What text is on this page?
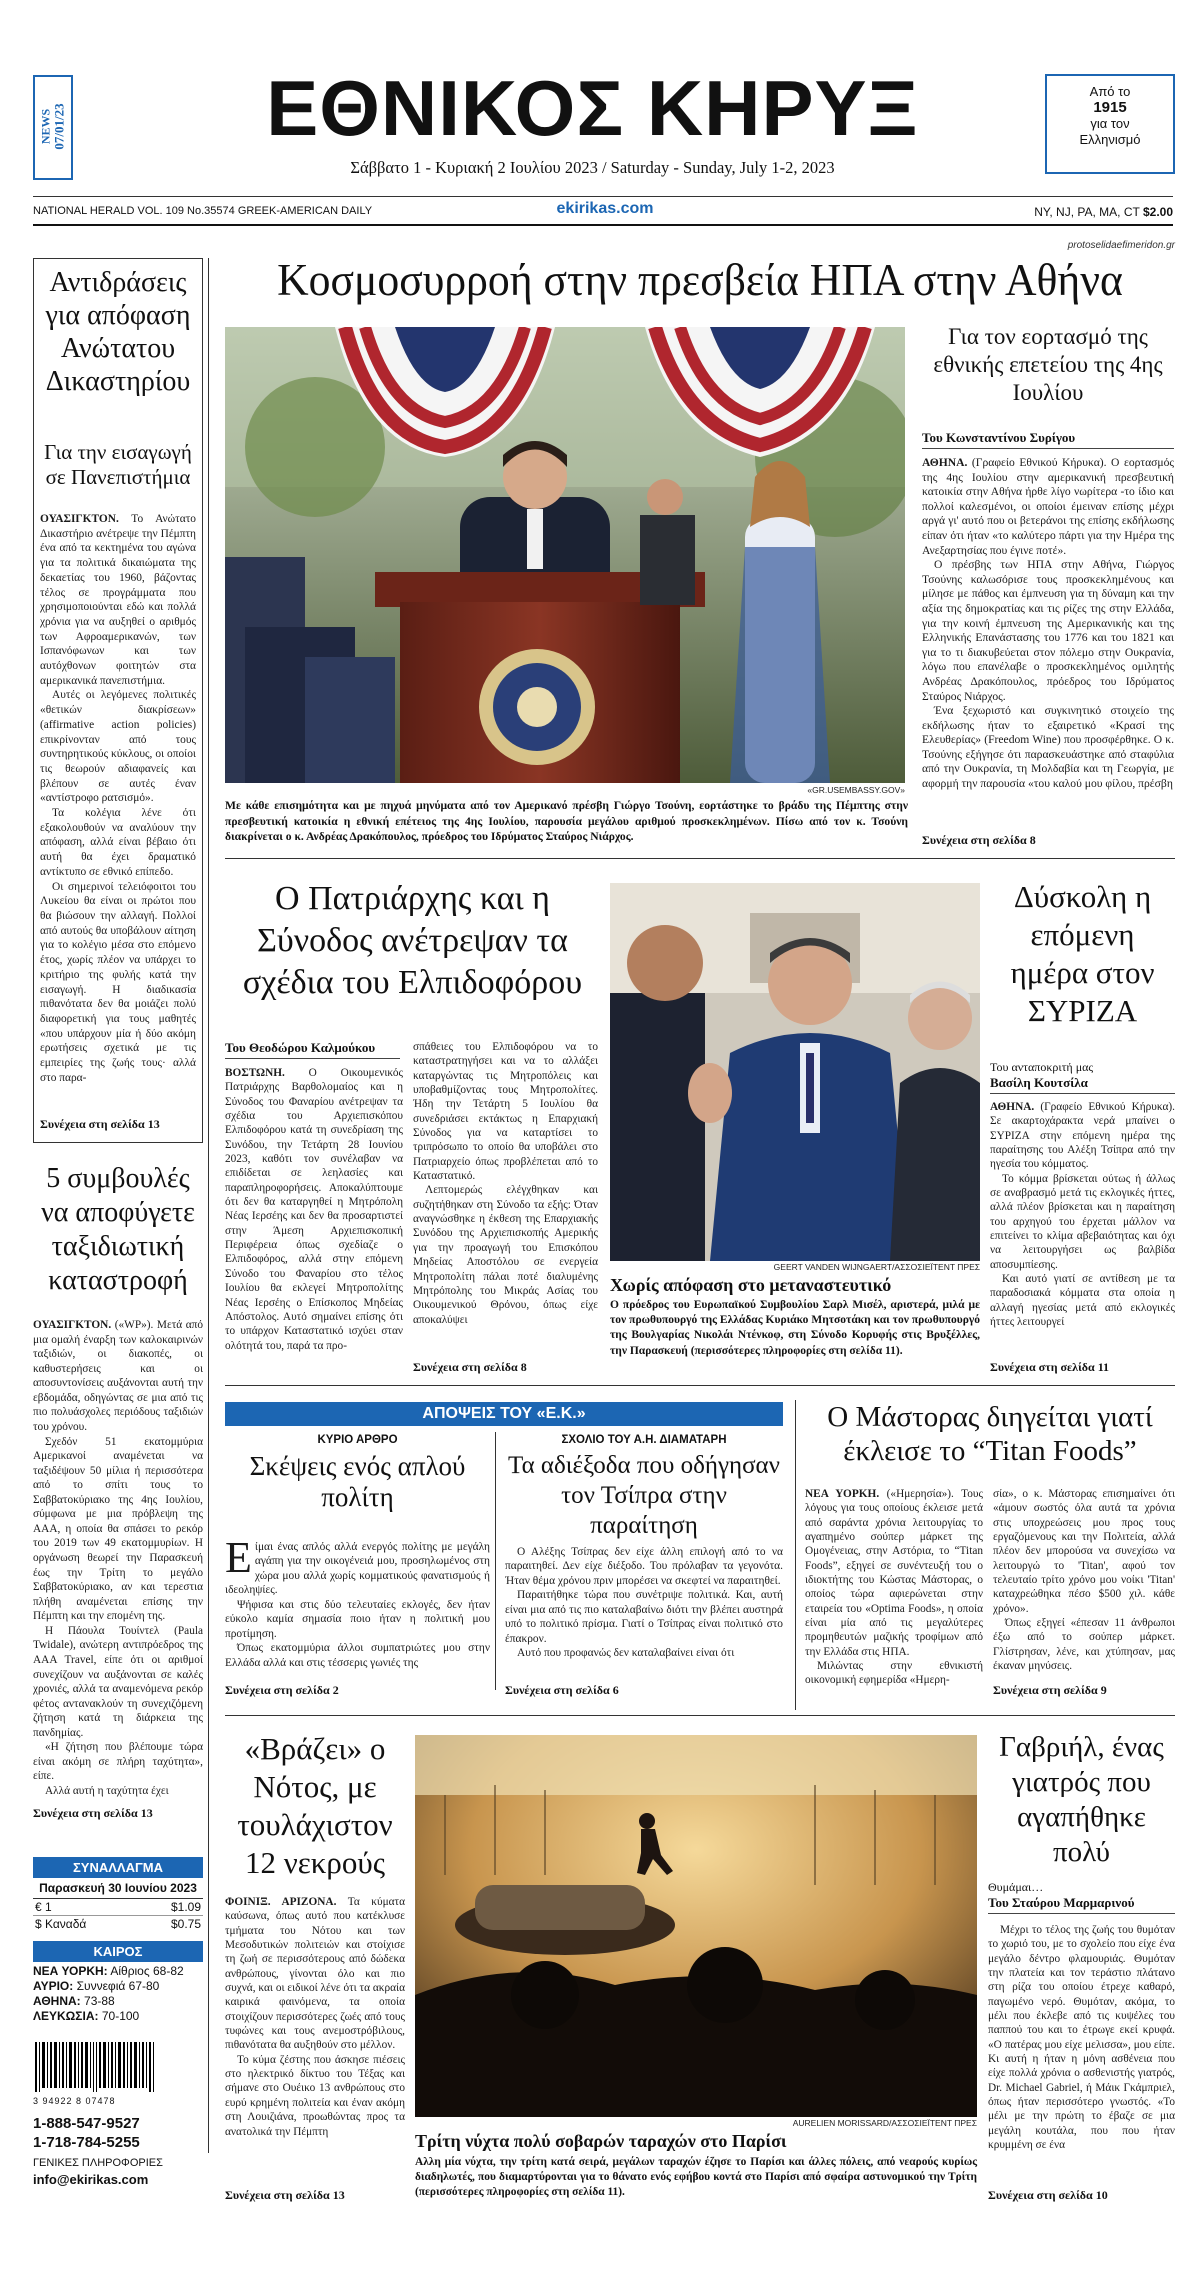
NEWS
07/01/23	ΕΘΝΙΚΟΣ ΚΗΡΥΞ
Σάββατο 1 - Κυριακή 2 Ιουλίου 2023 / Saturday - Sunday, July 1-2, 2023
Από το
1915
για τον
Ελληνισμό
NATIONAL HERALD VOL. 109 No.35574 GREEK-AMERICAN DAILY	ekirikas.com	NY, NJ, PA, MA, CT $2.00
protoselidaefimeridon.gr
Αντιδράσεις για απόφαση Ανώτατου Δικαστηρίου
Για την εισαγωγή σε Πανεπιστήμια

ΟΥΑΣΙΓΚΤΟΝ. Το Ανώτατο Δικαστήριο ανέτρεψε την Πέμπτη ένα από τα κεκτημένα του αγώνα για τα πολιτικά δικαιώματα της δεκαετίας του 1960, βάζοντας τέλος σε προγράμματα που χρησιμοποιούνται εδώ και πολλά χρόνια για να αυξηθεί ο αριθμός των Αφροαμερικανών, των Ισπανόφωνων και των αυτόχθονων φοιτητών στα αμερικανικά πανεπιστήμια.

Αυτές οι λεγόμενες πολιτικές «θετικών διακρίσεων» (affirmative action policies) επικρίνονταν από τους συντηρητικούς κύκλους, οι οποίοι τις θεωρούν αδιαφανείς και βλέπουν σε αυτές έναν «αντίστροφο ρατσισμό».

Τα κολέγια λένε ότι εξακολουθούν να αναλύουν την απόφαση, αλλά είναι βέβαιο ότι αυτή θα έχει δραματικό αντίκτυπο σε εθνικό επίπεδο.

Οι σημερινοί τελειόφοιτοι του Λυκείου θα είναι οι πρώτοι που θα βιώσουν την αλλαγή. Πολλοί από αυτούς θα υποβάλουν αίτηση για το κολέγιο μέσα στο επόμενο έτος, χωρίς πλέον να υπάρχει το κριτήριο της φυλής κατά την εισαγωγή. Η διαδικασία πιθανότατα δεν θα μοιάζει πολύ διαφορετική για τους μαθητές «που υπάρχουν μία ή δύο ακόμη ερωτήσεις σχετικά με τις εμπειρίες της ζωής τους· αλλά στο παρα-

Συνέχεια στη σελίδα 13
5 συμβουλές να αποφύγετε ταξιδιωτική καταστροφή

ΟΥΑΣΙΓΚΤΟΝ. («WP»). Μετά από μια ομαλή έναρξη των καλοκαιρινών ταξιδιών, οι διακοπές, οι καθυστερήσεις και οι αποσυντονίσεις αυξάνονται αυτή την εβδομάδα, οδηγώντας σε μια από τις πιο πολυάσχολες περιόδους ταξιδιών του χρόνου.

Σχεδόν 51 εκατομμύρια Αμερικανοί αναμένεται να ταξιδέψουν 50 μίλια ή περισσότερα από το σπίτι τους το Σαββατοκύριακο της 4ης Ιουλίου, σύμφωνα με μια πρόβλεψη της AAA, η οποία θα σπάσει το ρεκόρ του 2019 των 49 εκατομμυρίων. Η οργάνωση θεωρεί την Παρασκευή έως την Τρίτη το μεγάλο Σαββατοκύριακο, αν και τερεστια πλήθη αναμένεται επίσης την Πέμπτη και την επομένη της.

Η Πάουλα Τουίντελ (Paula Twidale), ανώτερη αντιπρόεδρος της AAA Travel, είπε ότι οι αριθμοί συνεχίζουν να αυξάνονται σε καλές χρονιές, αλλά τα αναμενόμενα ρεκόρ φέτος αντανακλούν τη συνεχιζόμενη ζήτηση κατά τη διάρκεια της πανδημίας.

«Η ζήτηση που βλέπουμε τώρα είναι ακόμη σε πλήρη ταχύτητα», είπε.

Αλλά αυτή η ταχύτητα έχει

Συνέχεια στη σελίδα 13
ΣΥΝΑΛΛΑΓΜΑ
Παρασκευή 30 Ιουνίου 2023
€ 1	$1.09
$ Καναδά	$0.75
ΚΑΙΡΟΣ
ΝΕΑ ΥΟΡΚΗ: Αίθριος 68-82
ΑΥΡΙΟ: Συννεφιά 67-80
ΑΘΗΝΑ: 73-88
ΛΕΥΚΩΣΙΑ: 70-100
3 94922 8 07478
1-888-547-9527
1-718-784-5255
ΓΕΝΙΚΕΣ ΠΛΗΡΟΦΟΡΙΕΣ
info@ekirikas.com
Κοσμοσυρροή στην πρεσβεία ΗΠΑ στην Αθήνα
«GR.USEMBASSY.GOV»
Με κάθε επισημότητα και με πηχυά μηνύματα από τον Αμερικανό πρέσβη Γιώργο Τσούνη, εορτάστηκε το βράδυ της Πέμπτης στην πρεσβευτική κατοικία η εθνική επέτειος της 4ης Ιουλίου, παρουσία μεγάλου αριθμού προσκεκλημένων. Πίσω από τον κ. Τσούνη διακρίνεται ο κ. Ανδρέας Δρακόπουλος, πρόεδρος του Ιδρύματος Σταύρος Νιάρχος.
Για τον εορτασμό της εθνικής επετείου της 4ης Ιουλίου
Του Κωνσταντίνου Συρίγου

ΑΘΗΝΑ. (Γραφείο Εθνικού Κήρυκα). Ο εορτασμός της 4ης Ιουλίου στην αμερικανική πρεσβευτική κατοικία στην Αθήνα ήρθε λίγο νωρίτερα -το ίδιο και πολλοί καλεσμένοι, οι οποίοι έμειναν επίσης μέχρι αργά γι' αυτό που οι βετεράνοι της επίσης εκδήλωσης είπαν ότι ήταν «το καλύτερο πάρτι για την Ημέρα της Ανεξαρτησίας που έγινε ποτέ».

Ο πρέσβης των ΗΠΑ στην Αθήνα, Γιώργος Τσούνης καλωσόρισε τους προσκεκλημένους και μίλησε με πάθος και έμπνευση για τη δύναμη και την αξία της δημοκρατίας και τις ρίζες της στην Ελλάδα, για την κοινή έμπνευση της Αμερικανικής και της Ελληνικής Επανάστασης του 1776 και του 1821 και για το τι διακυβεύεται στον πόλεμο στην Ουκρανία, λόγω που επανέλαβε ο προσκεκλημένος ομιλητής Ανδρέας Δρακόπουλος, πρόεδρος του Ιδρύματος Σταύρος Νιάρχος.

Ένα ξεχωριστό και συγκινητικό στοιχείο της εκδήλωσης ήταν το εξαιρετικό «Κρασί της Ελευθερίας» (Freedom Wine) που προσφέρθηκε. Ο κ. Τσούνης εξήγησε ότι παρασκευάστηκε από σταφύλια από την Ουκρανία, τη Μολδαβία και τη Γεωργία, με αφορμή την παρουσία «του καλού μου φίλου, πρέσβη

Συνέχεια στη σελίδα 8
Ο Πατριάρχης και η Σύνοδος ανέτρεψαν τα σχέδια του Ελπιδοφόρου
Του Θεοδώρου Καλμούκου

ΒΟΣΤΩΝΗ. Ο Οικουμενικός Πατριάρχης Βαρθολομαίος και η Σύνοδος του Φαναρίου ανέτρεψαν τα σχέδια του Αρχιεπισκόπου Ελπιδοφόρου κατά τη συνεδρίαση της Συνόδου, την Τετάρτη 28 Ιουνίου 2023, καθότι τον συνέλαβαν να επιδίδεται σε λεηλασίες και παραπληροφορήσεις. Αποκαλύπτουμε ότι δεν θα καταργηθεί η Μητρόπολη Νέας Ιερσέης και δεν θα προσαρτιστεί στην Άμεση Αρχιεπισκοπική Περιφέρεια όπως σχεδίαζε ο Ελπιδοφόρος, αλλά στην επόμενη Σύνοδο του Φαναρίου στο τέλος Ιουλίου θα εκλεγεί Μητροπολίτης Νέας Ιερσέης ο Επίσκοπος Μηδείας Απόστολος. Αυτό σημαίνει επίσης ότι το υπάρχον Καταστατικό ισχύει σταν ολότητά του, παρά τα προ-

σπάθειες του Ελπιδοφόρου να το καταστρατηγήσει και να το αλλάξει καταργώντας τις Μητροπόλεις και υποβαθμίζοντας τους Μητροπολίτες. Ήδη την Τετάρτη 5 Ιουλίου θα συνεδριάσει εκτάκτως η Επαρχιακή Σύνοδος για να καταρτίσει το τριπρόσωπο το οποίο θα υποβάλει στο Πατριαρχείο όπως προβλέπεται από το Καταστατικό.

Λεπτομερώς ελέγχθηκαν και συζητήθηκαν στη Σύνοδο τα εξής: Όταν αναγνώσθηκε η έκθεση της Επαρχιακής Συνόδου της Αρχιεπισκοπής Αμερικής για την προαγωγή του Επισκόπου Μηδείας Αποστόλου σε ενεργεία Μητροπολίτη πάλαι ποτέ διαλυμένης Μητρόπολης του Μικράς Ασίας του Οικουμενικού Θρόνου, όπως είχε αποκαλύψει

Συνέχεια στη σελίδα 8
GEERT VANDEN WIJNGAERT/ΑΣΣΟΣΙΕΪΤΕΝΤ ΠΡΕΣ
Χωρίς απόφαση στο μεταναστευτικό
Ο πρόεδρος του Ευρωπαϊκού Συμβουλίου Σαρλ Μισέλ, αριστερά, μιλά με τον πρωθυπουργό της Ελλάδας Κυριάκο Μητσοτάκη και τον πρωθυπουργό της Βουλγαρίας Νικολάι Ντένκοφ, στη Σύνοδο Κορυφής στις Βρυξέλλες, την Παρασκευή (περισσότερες πληροφορίες στη σελίδα 11).
Δύσκολη η επόμενη ημέρα στον ΣΥΡΙΖΑ
Του ανταποκριτή μας
Βασίλη Κουτσίλα

ΑΘΗΝΑ. (Γραφείο Εθνικού Κήρυκα). Σε ακαρτοχάρακτα νερά μπαίνει ο ΣΥΡΙΖΑ στην επόμενη ημέρα της παραίτησης του Αλέξη Τσίπρα από την ηγεσία του κόμματος.

Το κόμμα βρίσκεται ούτως ή άλλως σε αναβρασμό μετά τις εκλογικές ήττες, αλλά πλέον βρίσκεται και η παραίτηση του αρχηγού του έρχεται μάλλον να επιτείνει το κλίμα αβεβαιότητας και όχι να λειτουργήσει ως βαλβίδα αποσυμπίεσης.

Και αυτό γιατί σε αντίθεση με τα παραδοσιακά κόμματα στα οποία η αλλαγή ηγεσίας μετά από εκλογικές ήττες λειτουργεί

Συνέχεια στη σελίδα 11
ΑΠΟΨΕΙΣ ΤΟΥ «Ε.Κ.»
ΚΥΡΙΟ ΑΡΘΡΟ
Σκέψεις ενός απλού πολίτη

Είμαι ένας απλός αλλά ενεργός πολίτης με μεγάλη αγάπη για την οικογένειά μου, προσηλωμένος στη χώρα μου αλλά χωρίς κομματικούς φανατισμούς ή ιδεοληψίες.

Ψήφισα και στις δύο τελευταίες εκλογές, δεν ήταν εύκολο καμία σημασία ποιο ήταν η πολιτική μου προτίμηση.

Όπως εκατομμύρια άλλοι συμπατριώτες μου στην Ελλάδα αλλά και στις τέσσερις γωνιές της

Συνέχεια στη σελίδα 2
ΣΧΟΛΙΟ ΤΟΥ Α.Η. ΔΙΑΜΑΤΑΡΗ
Τα αδιέξοδα που οδήγησαν τον Τσίπρα στην παραίτηση

Ο Αλέξης Τσίπρας δεν είχε άλλη επιλογή από το να παραιτηθεί. Δεν είχε διέξοδο. Του πρόλαβαν τα γεγονότα. Ήταν θέμα χρόνου πριν μπορέσει να σκεφτεί να παραιτηθεί.

Παραιτήθηκε τώρα που συνέτριψε πολιτικά. Και, αυτή είναι μια από τις πιο καταλαβαίνω διότι την βλέπει αυστηρά υπό το πολιτικό πρίσμα. Γιατί ο Τσίπρας είναι πολιτικό στο έπακρον.

Αυτό που προφανώς δεν καταλαβαίνει είναι ότι

Συνέχεια στη σελίδα 6
Ο Μάστορας διηγείται γιατί έκλεισε το “Titan Foods”

ΝΕΑ ΥΟΡΚΗ. («Ημερησία»). Τους λόγους για τους οποίους έκλεισε μετά από σαράντα χρόνια λειτουργίας το αγαπημένο σούπερ μάρκετ της Ομογένειας, στην Αστόρια, το “Titan Foods”, εξηγεί σε συνέντευξή του ο ιδιοκτήτης του Κώστας Μάστορας, ο οποίος τώρα αφιερώνεται στην εταιρεία του «Optima Foods», η οποία είναι μία από τις μεγαλύτερες προμηθευτών μαζικής τροφίμων από την Ελλάδα στις ΗΠΑ.

Μιλώντας στην εθνικιστή οικονομική εφημερίδα «Ημερη-

σία», ο κ. Μάστορας επισημαίνει ότι «άμουν σωστός όλα αυτά τα χρόνια στις υποχρεώσεις μου προς τους εργαζόμενους και την Πολιτεία, αλλά πλέον δεν μπορούσα να συνεχίσω να λειτουργώ το 'Titan', αφού τον τελευταίο τρίτο χρόνο μου νοίκι 'Titan' καταχρεώθηκα πέσο $500 χιλ. κάθε χρόνο».

Όπως εξηγεί «έπεσαν 11 άνθρωποι έξω από το σούπερ μάρκετ. Γλίστρησαν, λένε, και χτύπησαν, μας έκαναν μηνύσεις.

Συνέχεια στη σελίδα 9
«Βράζει» ο Νότος, με τουλάχιστον 12 νεκρούς

ΦΟΙΝΙΞ. ΑΡΙΖΟΝΑ. Τα κύματα καύσωνα, όπως αυτό που κατέκλυσε τμήματα του Νότου και των Μεσοδυτικών πολιτειών και στοίχισε τη ζωή σε περισσότερους από δώδεκα ανθρώπους, γίνονται όλο και πιο συχνά, και οι ειδικοί λένε ότι τα ακραία καιρικά φαινόμενα, τα οποία στοιχίζουν περισσότερες ζωές από τους τυφώνες και τους ανεμοστρόβιλους, πιθανότατα θα αυξηθούν στο μέλλον.

Το κύμα ζέστης που άσκησε πιέσεις στο ηλεκτρικό δίκτυο του Τέξας και σήμανε στο Ουέικο 13 ανθρώπους στο ευρύ κρημένη πολιτεία και έναν ακόμη στη Λουιζιάνα, προωθώντας προς τα ανατολικά την Πέμπτη

Συνέχεια στη σελίδα 13
AURELIEN MORISSARD/ΑΣΣΟΣΙΕΪΤΕΝΤ ΠΡΕΣ
Τρίτη νύχτα πολύ σοβαρών ταραχών στο Παρίσι
Αλλη μία νύχτα, την τρίτη κατά σειρά, μεγάλων ταραχών έζησε το Παρίσι και άλλες πόλεις, από νεαρούς κυρίως διαδηλωτές, που διαμαρτύρονται για το θάνατο ενός εφήβου κοντά στο Παρίσι από σφαίρα αστυνομικού την Τρίτη (περισσότερες πληροφορίες στη σελίδα 11).
Γαβριήλ, ένας γιατρός που αγαπήθηκε πολύ
Θυμάμαι…
Του Σταύρου Μαρμαρινού

Μέχρι το τέλος της ζωής του θυμόταν το χωριό του, με το σχολείο που είχε ένα μεγάλο δέντρο φλαμουριάς. Θυμόταν την πλατεία και τον τεράστιο πλάτανο στη ρίζα του οποίου έτρεχε καθαρό, παγωμένο νερό. Θυμόταν, ακόμα, το μέλι που έκλεβε από τις κυψέλες του παππού του και το έτρωγε εκεί κρυφά. «Ο πατέρας μου είχε μελισσα», μου είπε. Κι αυτή η ήταν η μόνη ασθένεια που είχε πολλά χρόνια ο ασθενιστής γιατρός, Dr. Michael Gabriel, ή Μάικ Γκάμπριελ, όπως ήταν περισσότερο γνωστός. «Το μέλι με την πρώτη το έβαζε σε μια μεγάλη κουτάλα, που που ήταν κρυμμένη σε ένα

Συνέχεια στη σελίδα 10
